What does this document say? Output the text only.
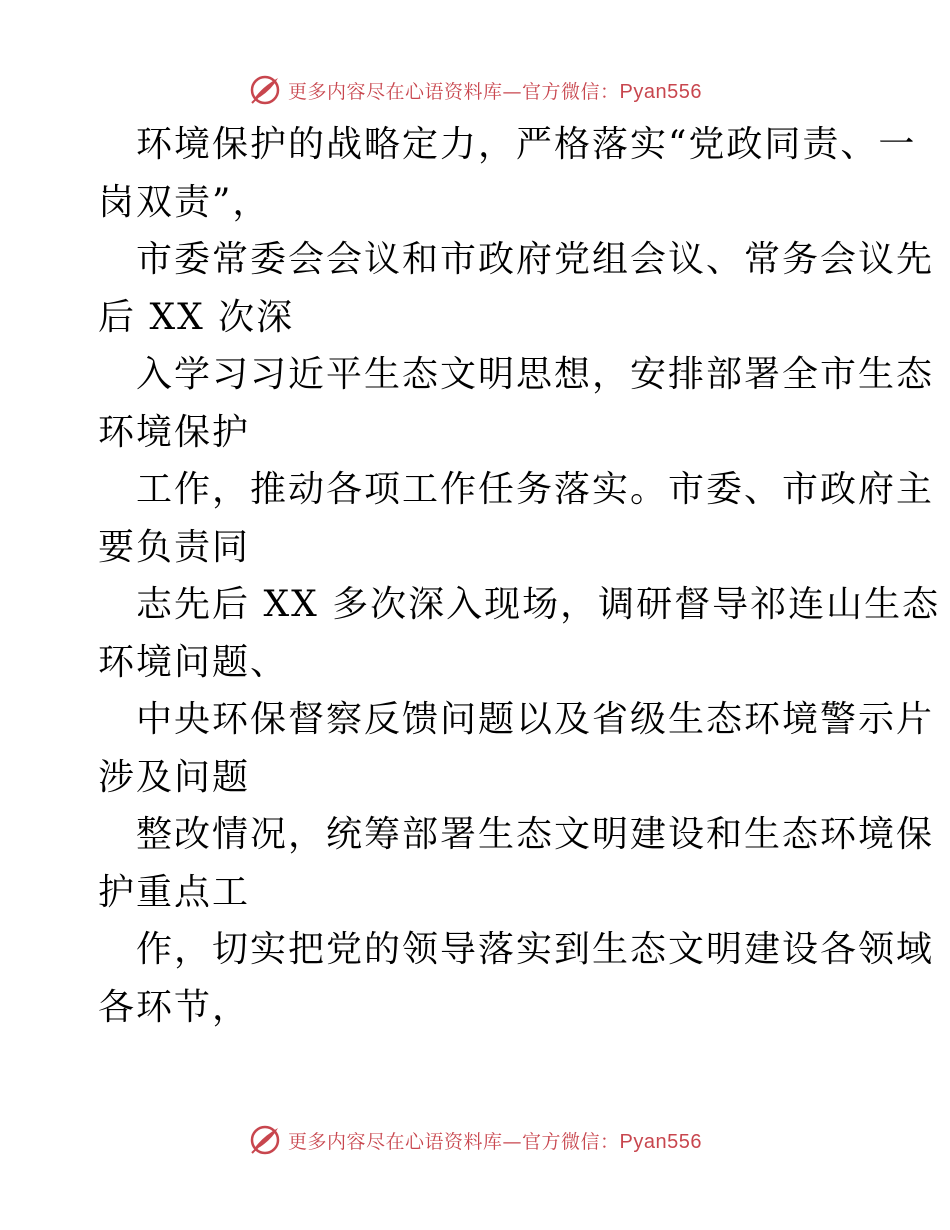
更多内容尽在心语资料库—官方微信：Pyan556
环境保护的战略定力，严格落实“党政同责、一
岗双责”，
市委常委会会议和市政府党组会议、常务会议先
后 XX 次深
入学习习近平生态文明思想，安排部署全市生态
环境保护
工作，推动各项工作任务落实。市委、市政府主
要负责同
志先后 XX 多次深入现场，调研督导祁连山生态
环境问题、
中央环保督察反馈问题以及省级生态环境警示片
涉及问题
整改情况，统筹部署生态文明建设和生态环境保
护重点工
作，切实把党的领导落实到生态文明建设各领域
各环节，
更多内容尽在心语资料库—官方微信：Pyan556
